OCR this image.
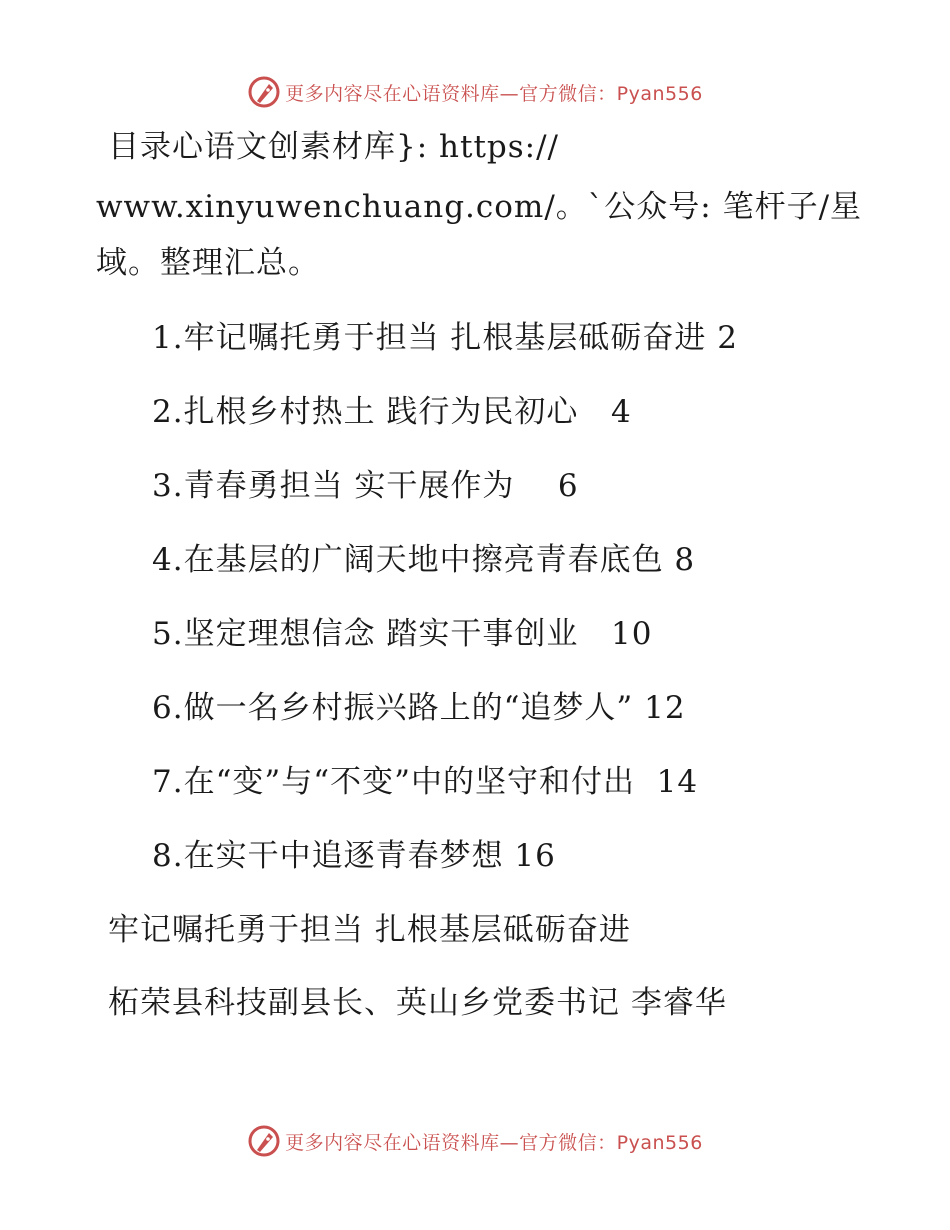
更多内容尽在心语资料库—官方微信：Pyan556
目录心语文创素材库}: https://
www.xinyuwenchuang.com/。`公众号: 笔杆子/星
域。整理汇总。
1.牢记嘱托勇于担当 扎根基层砥砺奋进 2
2.扎根乡村热土 践行为民初心   4
3.青春勇担当 实干展作为    6
4.在基层的广阔天地中擦亮青春底色 8
5.坚定理想信念 踏实干事创业   10
6.做一名乡村振兴路上的“追梦人” 12
7.在“变”与“不变”中的坚守和付出  14
8.在实干中追逐青春梦想 16
牢记嘱托勇于担当 扎根基层砥砺奋进
柘荣县科技副县长、英山乡党委书记 李睿华
更多内容尽在心语资料库—官方微信：Pyan556
